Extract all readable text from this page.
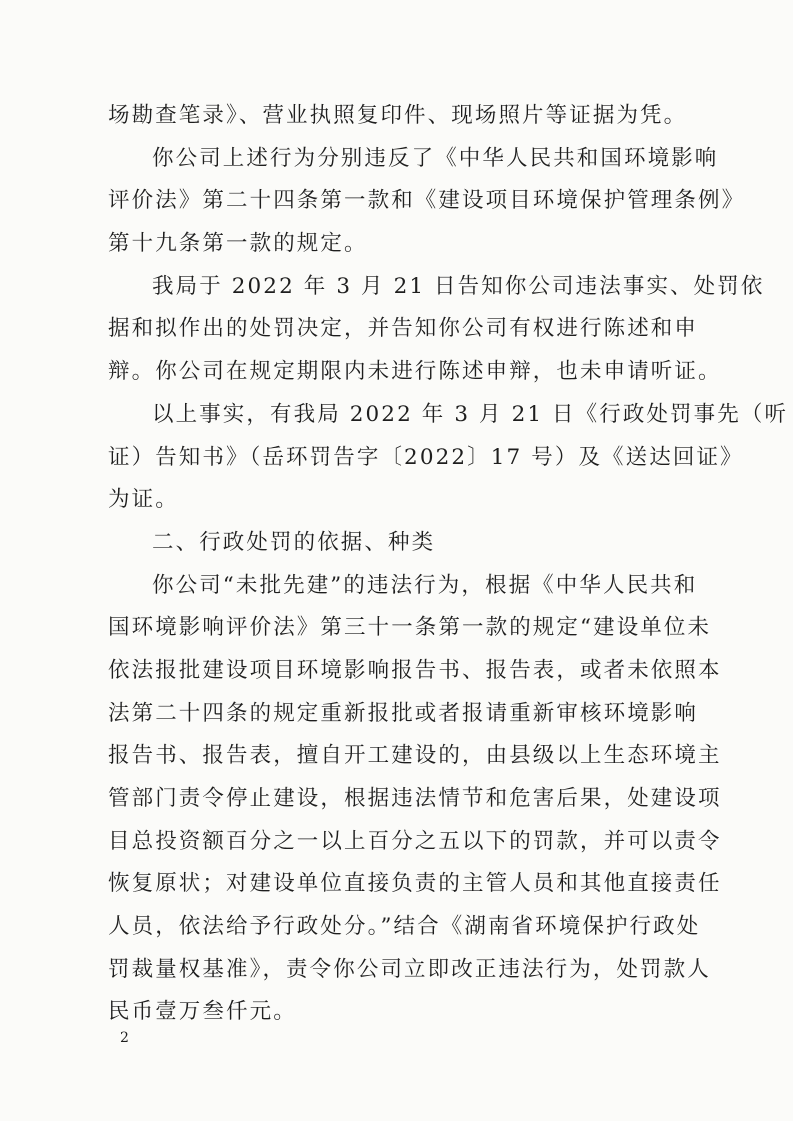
场勘查笔录》、营业执照复印件、现场照片等证据为凭。
你公司上述行为分别违反了《中华人民共和国环境影响
评价法》第二十四条第一款和《建设项目环境保护管理条例》
第十九条第一款的规定。
我局于 2022 年 3 月 21 日告知你公司违法事实、处罚依
据和拟作出的处罚决定，并告知你公司有权进行陈述和申
辩。你公司在规定期限内未进行陈述申辩，也未申请听证。
以上事实，有我局 2022 年 3 月 21 日《行政处罚事先（听
证）告知书》（岳环罚告字〔2022〕17 号）及《送达回证》
为证。
二、行政处罚的依据、种类
你公司“未批先建”的违法行为，根据《中华人民共和
国环境影响评价法》第三十一条第一款的规定“建设单位未
依法报批建设项目环境影响报告书、报告表，或者未依照本
法第二十四条的规定重新报批或者报请重新审核环境影响
报告书、报告表，擅自开工建设的，由县级以上生态环境主
管部门责令停止建设，根据违法情节和危害后果，处建设项
目总投资额百分之一以上百分之五以下的罚款，并可以责令
恢复原状；对建设单位直接负责的主管人员和其他直接责任
人员，依法给予行政处分。”结合《湖南省环境保护行政处
罚裁量权基准》，责令你公司立即改正违法行为，处罚款人
民币壹万叁仟元。
2
